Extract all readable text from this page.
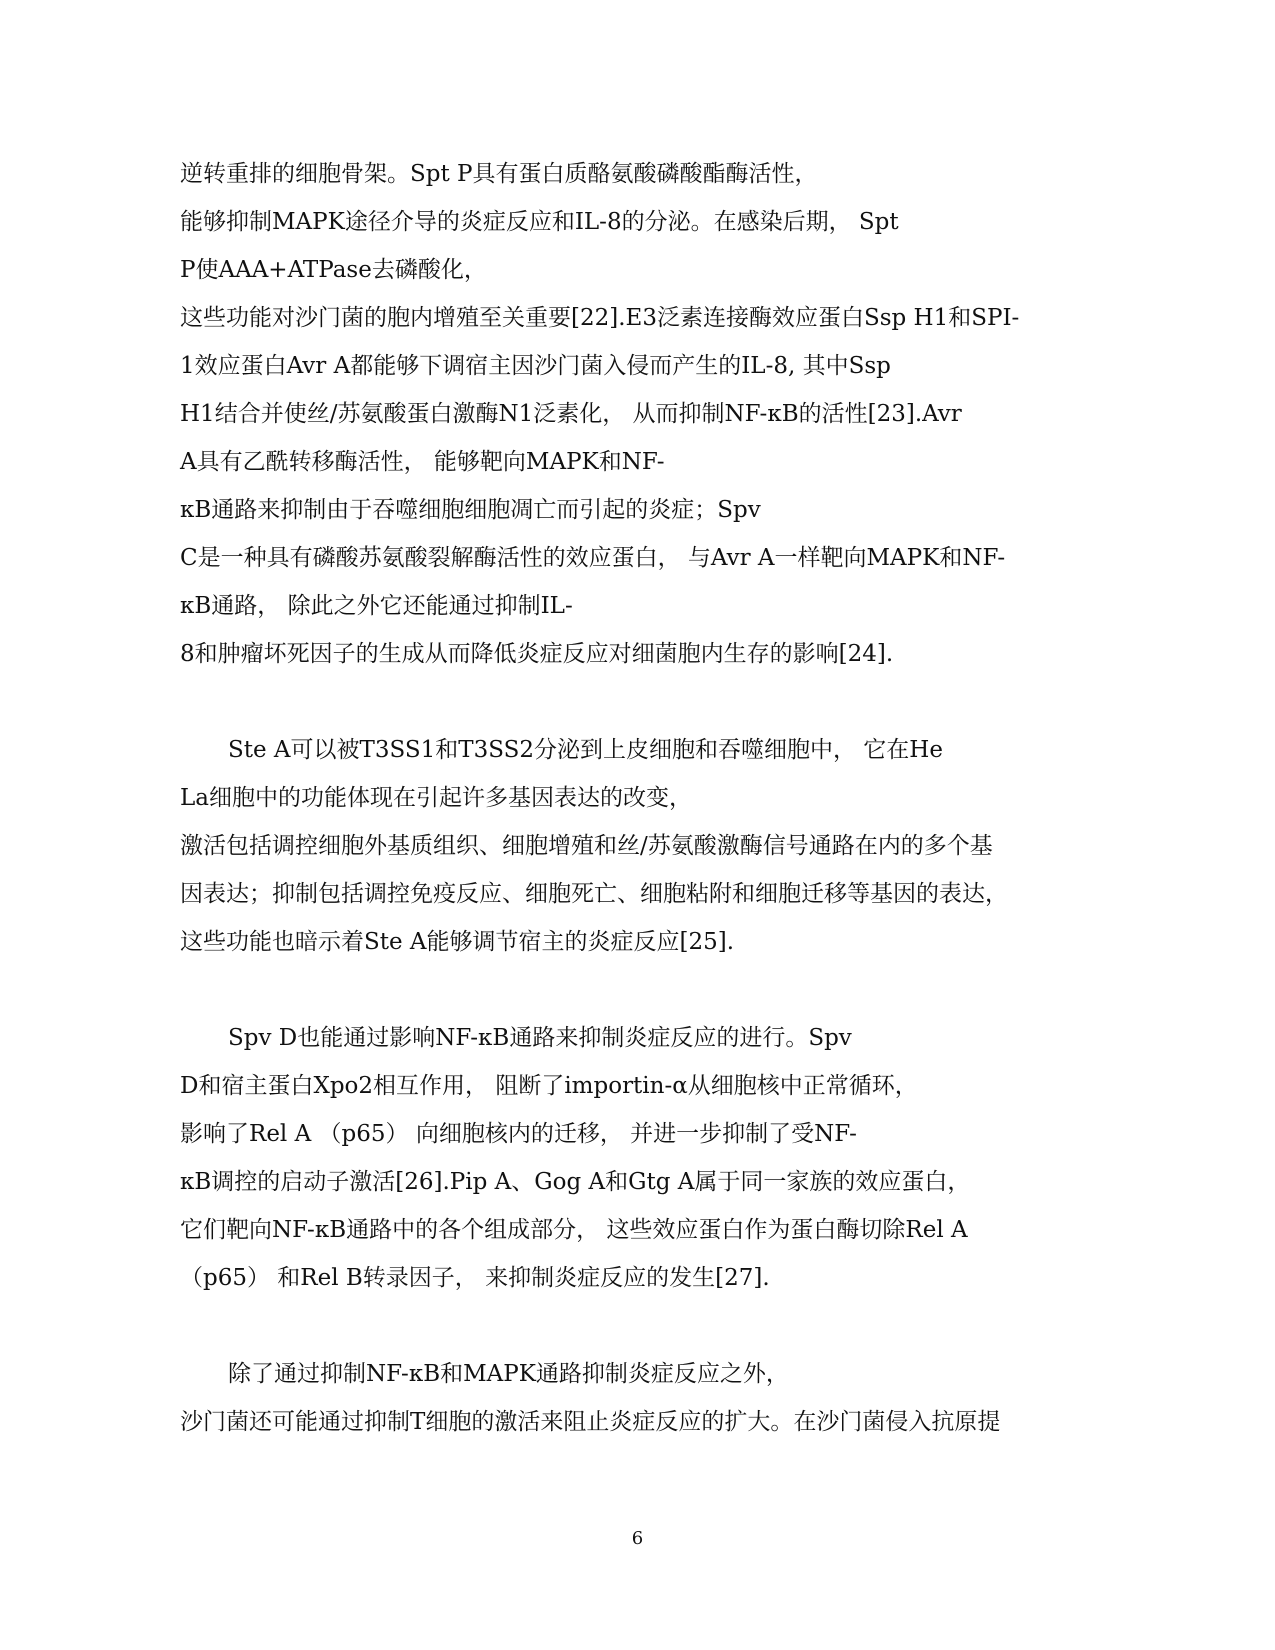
逆转重排的细胞骨架。Spt P具有蛋白质酪氨酸磷酸酯酶活性，
能够抑制MAPK途径介导的炎症反应和IL-8的分泌。在感染后期， Spt
P使AAA+ATPase去磷酸化，
这些功能对沙门菌的胞内增殖至关重要[22].E3泛素连接酶效应蛋白Ssp H1和SPI-
1效应蛋白Avr A都能够下调宿主因沙门菌入侵而产生的IL-8, 其中Ssp
H1结合并使丝/苏氨酸蛋白激酶N1泛素化， 从而抑制NF-κB的活性[23].Avr
A具有乙酰转移酶活性， 能够靶向MAPK和NF-
κB通路来抑制由于吞噬细胞细胞凋亡而引起的炎症；Spv
C是一种具有磷酸苏氨酸裂解酶活性的效应蛋白， 与Avr A一样靶向MAPK和NF-
κB通路， 除此之外它还能通过抑制IL-
8和肿瘤坏死因子的生成从而降低炎症反应对细菌胞内生存的影响[24].
Ste A可以被T3SS1和T3SS2分泌到上皮细胞和吞噬细胞中， 它在He
La细胞中的功能体现在引起许多基因表达的改变，
激活包括调控细胞外基质组织、细胞增殖和丝/苏氨酸激酶信号通路在内的多个基
因表达；抑制包括调控免疫反应、细胞死亡、细胞粘附和细胞迁移等基因的表达，
这些功能也暗示着Ste A能够调节宿主的炎症反应[25].
Spv D也能通过影响NF-κB通路来抑制炎症反应的进行。Spv
D和宿主蛋白Xpo2相互作用， 阻断了importin-α从细胞核中正常循环，
影响了Rel A （p65） 向细胞核内的迁移， 并进一步抑制了受NF-
κB调控的启动子激活[26].Pip A、Gog A和Gtg A属于同一家族的效应蛋白，
它们靶向NF-κB通路中的各个组成部分， 这些效应蛋白作为蛋白酶切除Rel A
（p65） 和Rel B转录因子， 来抑制炎症反应的发生[27].
除了通过抑制NF-κB和MAPK通路抑制炎症反应之外，
沙门菌还可能通过抑制T细胞的激活来阻止炎症反应的扩大。在沙门菌侵入抗原提
6
